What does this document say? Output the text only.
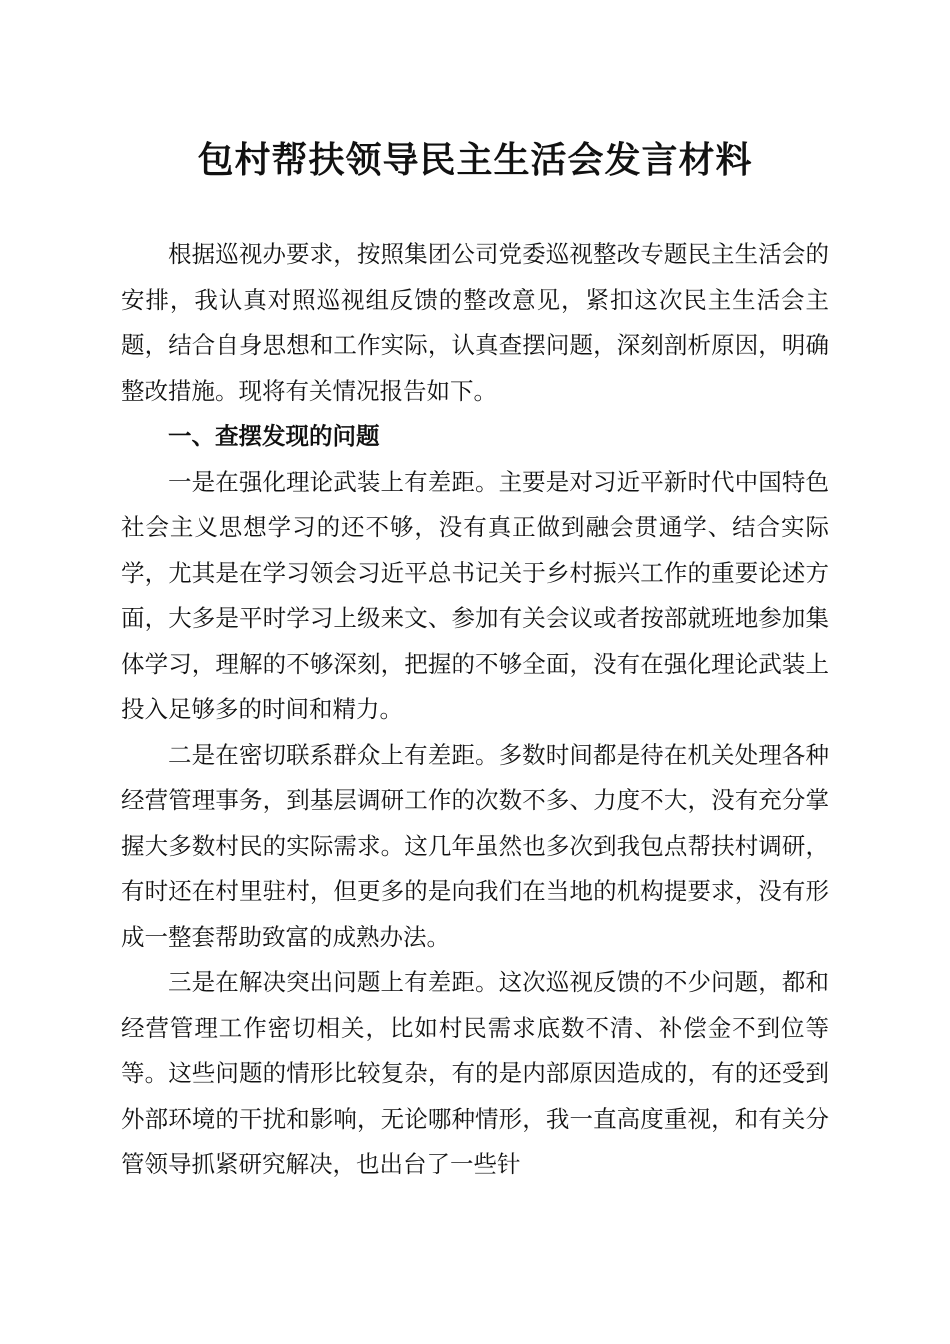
包村帮扶领导民主生活会发言材料

根据巡视办要求，按照集团公司党委巡视整改专题民主生活会的安排，我认真对照巡视组反馈的整改意见，紧扣这次民主生活会主题，结合自身思想和工作实际，认真查摆问题，深刻剖析原因，明确整改措施。现将有关情况报告如下。

一、查摆发现的问题

一是在强化理论武装上有差距。主要是对习近平新时代中国特色社会主义思想学习的还不够，没有真正做到融会贯通学、结合实际学，尤其是在学习领会习近平总书记关于乡村振兴工作的重要论述方面，大多是平时学习上级来文、参加有关会议或者按部就班地参加集体学习，理解的不够深刻，把握的不够全面，没有在强化理论武装上投入足够多的时间和精力。

二是在密切联系群众上有差距。多数时间都是待在机关处理各种经营管理事务，到基层调研工作的次数不多、力度不大，没有充分掌握大多数村民的实际需求。这几年虽然也多次到我包点帮扶村调研，有时还在村里驻村，但更多的是向我们在当地的机构提要求，没有形成一整套帮助致富的成熟办法。

三是在解决突出问题上有差距。这次巡视反馈的不少问题，都和经营管理工作密切相关，比如村民需求底数不清、补偿金不到位等等。这些问题的情形比较复杂，有的是内部原因造成的，有的还受到外部环境的干扰和影响，无论哪种情形，我一直高度重视，和有关分管领导抓紧研究解决，也出台了一些针
